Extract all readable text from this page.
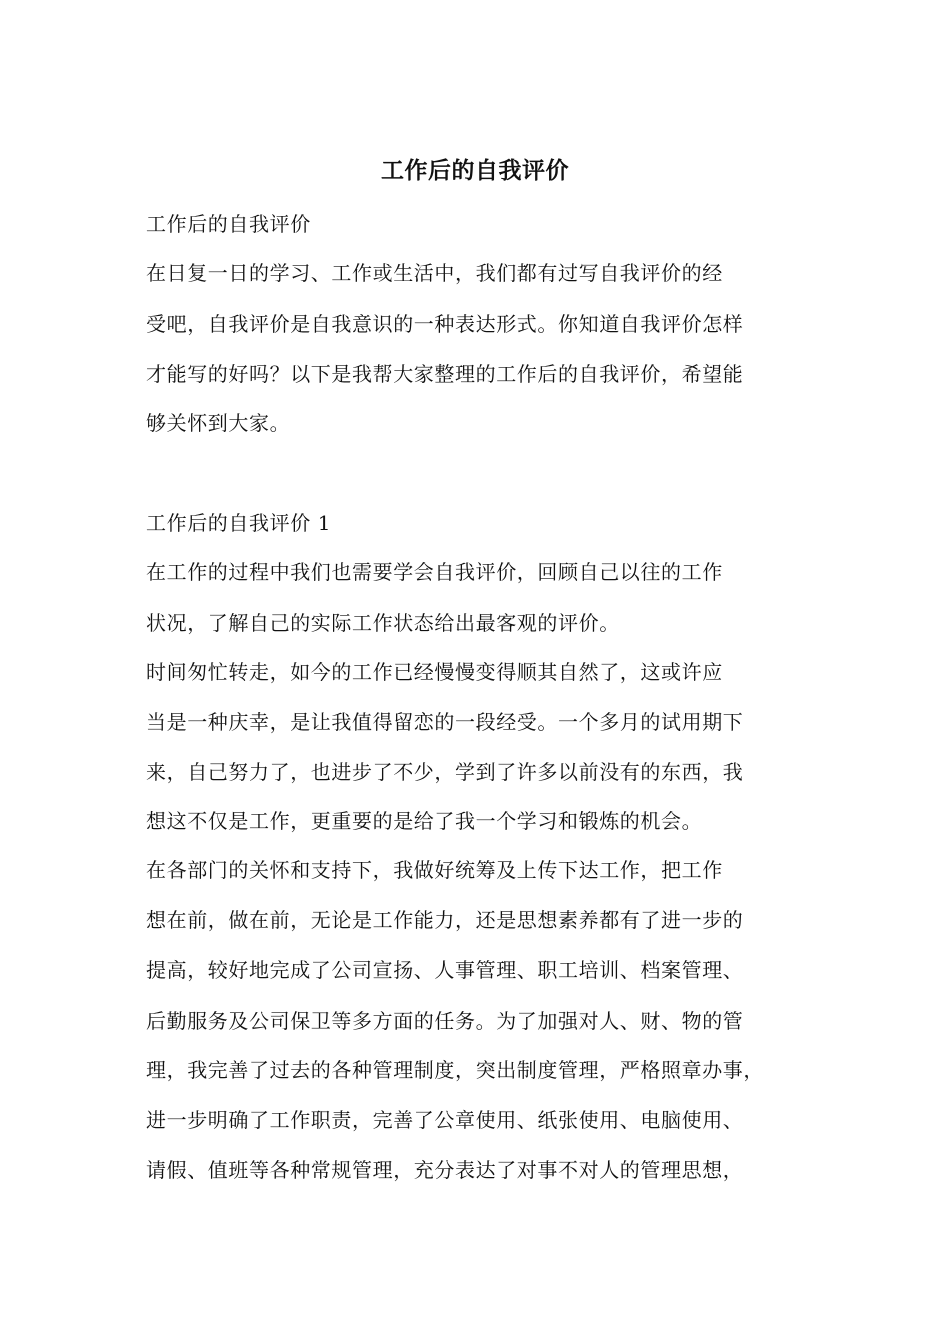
工作后的自我评价
工作后的自我评价
在日复一日的学习、工作或生活中，我们都有过写自我评价的经
受吧，自我评价是自我意识的一种表达形式。你知道自我评价怎样
才能写的好吗？以下是我帮大家整理的工作后的自我评价，希望能
够关怀到大家。
工作后的自我评价 1
在工作的过程中我们也需要学会自我评价，回顾自己以往的工作
状况，了解自己的实际工作状态给出最客观的评价。
时间匆忙转走，如今的工作已经慢慢变得顺其自然了，这或许应
当是一种庆幸，是让我值得留恋的一段经受。一个多月的试用期下
来，自己努力了，也进步了不少，学到了许多以前没有的东西，我
想这不仅是工作，更重要的是给了我一个学习和锻炼的机会。
在各部门的关怀和支持下，我做好统筹及上传下达工作，把工作
想在前，做在前，无论是工作能力，还是思想素养都有了进一步的
提高，较好地完成了公司宣扬、人事管理、职工培训、档案管理、
后勤服务及公司保卫等多方面的任务。为了加强对人、财、物的管
理，我完善了过去的各种管理制度，突出制度管理，严格照章办事，
进一步明确了工作职责，完善了公章使用、纸张使用、电脑使用、
请假、值班等各种常规管理，充分表达了对事不对人的管理思想，
